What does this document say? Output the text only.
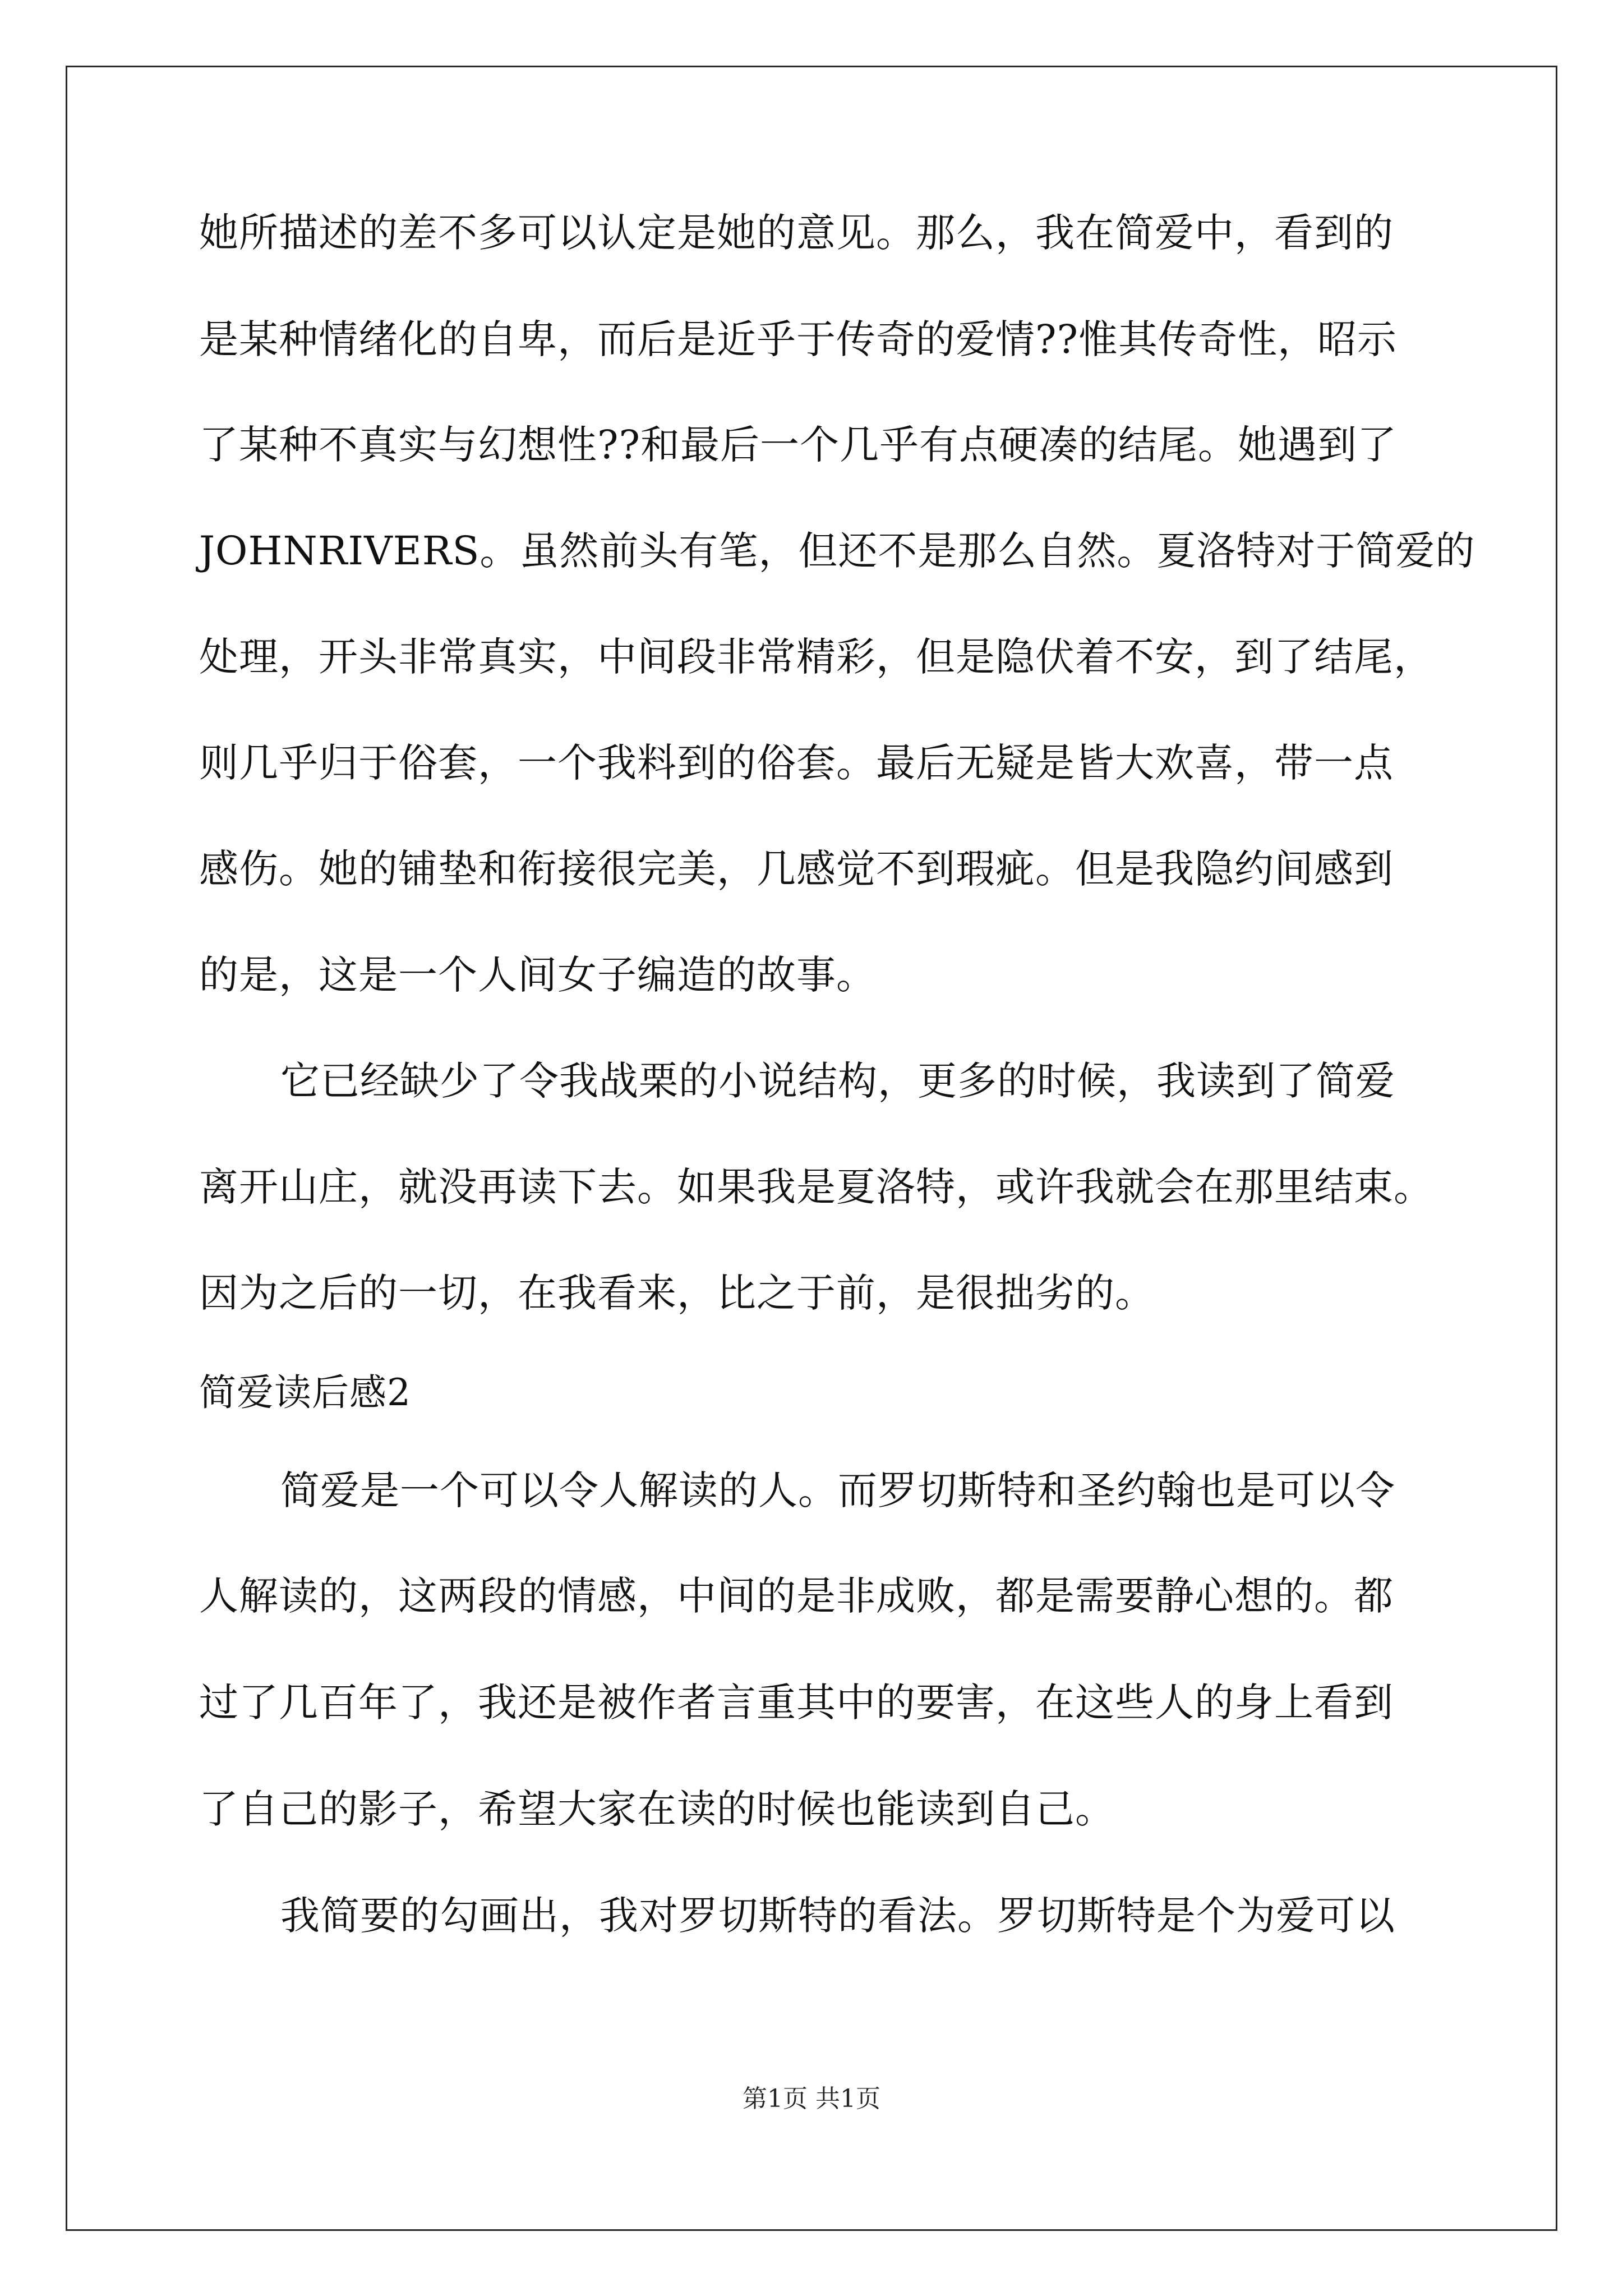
她所描述的差不多可以认定是她的意见。那么，我在简爱中，看到的
是某种情绪化的自卑，而后是近乎于传奇的爱情??惟其传奇性，昭示
了某种不真实与幻想性??和最后一个几乎有点硬凑的结尾。她遇到了
JOHNRIVERS。虽然前头有笔，但还不是那么自然。夏洛特对于简爱的
处理，开头非常真实，中间段非常精彩，但是隐伏着不安，到了结尾，
则几乎归于俗套，一个我料到的俗套。最后无疑是皆大欢喜，带一点
感伤。她的铺垫和衔接很完美，几感觉不到瑕疵。但是我隐约间感到
的是，这是一个人间女子编造的故事。
它已经缺少了令我战栗的小说结构，更多的时候，我读到了简爱
离开山庄，就没再读下去。如果我是夏洛特，或许我就会在那里结束。
因为之后的一切，在我看来，比之于前，是很拙劣的。
简爱读后感2
简爱是一个可以令人解读的人。而罗切斯特和圣约翰也是可以令
人解读的，这两段的情感，中间的是非成败，都是需要静心想的。都
过了几百年了，我还是被作者言重其中的要害，在这些人的身上看到
了自己的影子，希望大家在读的时候也能读到自己。
我简要的勾画出，我对罗切斯特的看法。罗切斯特是个为爱可以
第1页 共1页
